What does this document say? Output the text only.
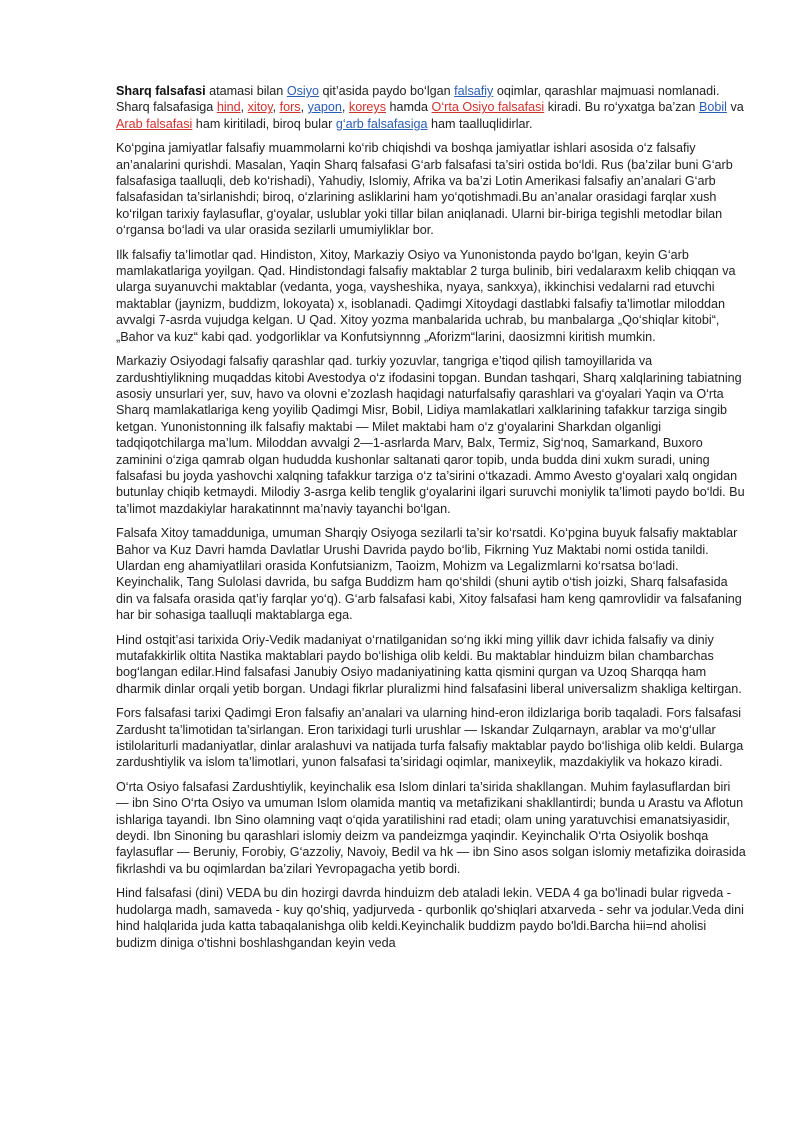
Sharq falsafasi atamasi bilan Osiyo qit’asida paydo bo‘lgan falsafiy oqimlar, qarashlar majmuasi nomlanadi. Sharq falsafasiga hind, xitoy, fors, yapon, koreys hamda O‘rta Osiyo falsafasi kiradi. Bu ro‘yxatga ba’zan Bobil va Arab falsafasi ham kiritiladi, biroq bular g‘arb falsafasiga ham taalluqlidirlar.

Ko‘pgina jamiyatlar falsafiy muammolarni ko‘rib chiqishdi va boshqa jamiyatlar ishlari asosida o‘z falsafiy an’analarini qurishdi. Masalan, Yaqin Sharq falsafasi G‘arb falsafasi ta’siri ostida bo‘ldi. Rus (ba’zilar buni G‘arb falsafasiga taalluqli, deb ko‘rishadi), Yahudiy, Islomiy, Afrika va ba’zi Lotin Amerikasi falsafiy an’analari G‘arb falsafasidan ta’sirlanishdi; biroq, o‘zlarining asliklarini ham yo‘qotishmadi.Bu an’analar orasidagi farqlar xush ko‘rilgan tarixiy faylasuflar, g‘oyalar, uslublar yoki tillar bilan aniqlanadi. Ularni bir-biriga tegishli metodlar bilan o‘rgansa bo‘ladi va ular orasida sezilarli umumiyliklar bor.

Ilk falsafiy ta’limotlar qad. Hindiston, Xitoy, Markaziy Osiyo va Yunonistonda paydo bo‘lgan, keyin G‘arb mamlakatlariga yoyilgan. Qad. Hindistondagi falsafiy maktablar 2 turga bulinib, biri vedalaraxm kelib chiqqan va ularga suyanuvchi maktablar (vedanta, yoga, vaysheshika, nyaya, sankxya), ikkinchisi vedalarni rad etuvchi maktablar (jaynizm, buddizm, lokoyata) x, isoblanadi. Qadimgi Xitoydagi dastlabki falsafiy ta’limotlar miloddan avvalgi 7-asrda vujudga kelgan. U Qad. Xitoy yozma manbalarida uchrab, bu manbalarga „Qo‘shiqlar kitobi“, „Bahor va kuz“ kabi qad. yodgorliklar va Konfutsiynnng „Aforizm“larini, daosizmni kiritish mumkin.

Markaziy Osiyodagi falsafiy qarashlar qad. turkiy yozuvlar, tangriga e’tiqod qilish tamoyillarida va zardushtiylikning muqaddas kitobi Avestodya o‘z ifodasini topgan. Bundan tashqari, Sharq xalqlarining tabiatning asosiy unsurlari yer, suv, havo va olovni e’zozlash haqidagi naturfalsafiy qarashlari va g‘oyalari Yaqin va O‘rta Sharq mamlakatlariga keng yoyilib Qadimgi Misr, Bobil, Lidiya mamlakatlari xalklarining tafakkur tarziga singib ketgan. Yunonistonning ilk falsafiy maktabi — Milet maktabi ham o‘z g‘oyalarini Sharkdan olganligi tadqiqotchilarga ma’lum. Miloddan avvalgi 2—1-asrlarda Marv, Balx, Termiz, Sig‘noq, Samarkand, Buxoro zaminini o‘ziga qamrab olgan hududda kushonlar saltanati qaror topib, unda budda dini xukm suradi, uning falsafasi bu joyda yashovchi xalqning tafakkur tarziga o‘z ta’sirini o‘tkazadi. Ammo Avesto g‘oyalari xalq ongidan butunlay chiqib ketmaydi. Milodiy 3-asrga kelib tenglik g‘oyalarini ilgari suruvchi moniylik ta’limoti paydo bo‘ldi. Bu ta’limot mazdakiylar harakatinnnt ma’naviy tayanchi bo‘lgan.

Falsafa Xitoy tamadduniga, umuman Sharqiy Osiyoga sezilarli ta’sir ko‘rsatdi. Ko‘pgina buyuk falsafiy maktablar Bahor va Kuz Davri hamda Davlatlar Urushi Davrida paydo bo‘lib, Fikrning Yuz Maktabi nomi ostida tanildi. Ulardan eng ahamiyatlilari orasida Konfutsianizm, Taoizm, Mohizm va Legalizmlarni ko‘rsatsa bo‘ladi. Keyinchalik, Tang Sulolasi davrida, bu safga Buddizm ham qo‘shildi (shuni aytib o‘tish joizki, Sharq falsafasida din va falsafa orasida qat’iy farqlar yo‘q). G‘arb falsafasi kabi, Xitoy falsafasi ham keng qamrovlidir va falsafaning har bir sohasiga taalluqli maktablarga ega.

Hind ostqit’asi tarixida Oriy-Vedik madaniyat o‘rnatilganidan so‘ng ikki ming yillik davr ichida falsafiy va diniy mutafakkirlik oltita Nastika maktablari paydo bo‘lishiga olib keldi. Bu maktablar hinduizm bilan chambarchas bog‘langan edilar.Hind falsafasi Janubiy Osiyo madaniyatining katta qismini qurgan va Uzoq Sharqqa ham dharmik dinlar orqali yetib borgan. Undagi fikrlar pluralizmi hind falsafasini liberal universalizm shakliga keltirgan.

Fors falsafasi tarixi Qadimgi Eron falsafiy an’analari va ularning hind-eron ildizlariga borib taqaladi. Fors falsafasi Zardusht ta’limotidan ta’sirlangan. Eron tarixidagi turli urushlar — Iskandar Zulqarnayn, arablar va mo‘g‘ullar istilolariturli madaniyatlar, dinlar aralashuvi va natijada turfa falsafiy maktablar paydo bo‘lishiga olib keldi. Bularga zardushtiylik va islom ta’limotlari, yunon falsafasi ta’siridagi oqimlar, manixeylik, mazdakiylik va hokazo kiradi.

O‘rta Osiyo falsafasi Zardushtiylik, keyinchalik esa Islom dinlari ta’sirida shakllangan. Muhim faylasuflardan biri — ibn Sino O‘rta Osiyo va umuman Islom olamida mantiq va metafizikani shakllantirdi; bunda u Arastu va Aflotun ishlariga tayandi. Ibn Sino olamning vaqt o‘qida yaratilishini rad etadi; olam uning yaratuvchisi emanatsiyasidir, deydi. Ibn Sinoning bu qarashlari islomiy deizm va pandeizmga yaqindir. Keyinchalik O‘rta Osiyolik boshqa faylasuflar — Beruniy, Forobiy, G‘azzoliy, Navoiy, Bedil va hk — ibn Sino asos solgan islomiy metafizika doirasida fikrlashdi va bu oqimlardan ba’zilari Yevropagacha yetib bordi.

Hind falsafasi (dini) VEDA bu din hozirgi davrda hinduizm deb ataladi lekin. VEDA 4 ga bo'linadi bular rigveda - hudolarga madh, samaveda - kuy qo'shiq, yadjurveda - qurbonlik qo'shiqlari atxarveda - sehr va jodular.Veda dini hind halqlarida juda katta tabaqalanishga olib keldi.Keyinchalik buddizm paydo bo'ldi.Barcha hii=nd aholisi budizm diniga o'tishni boshlashgandan keyin veda
